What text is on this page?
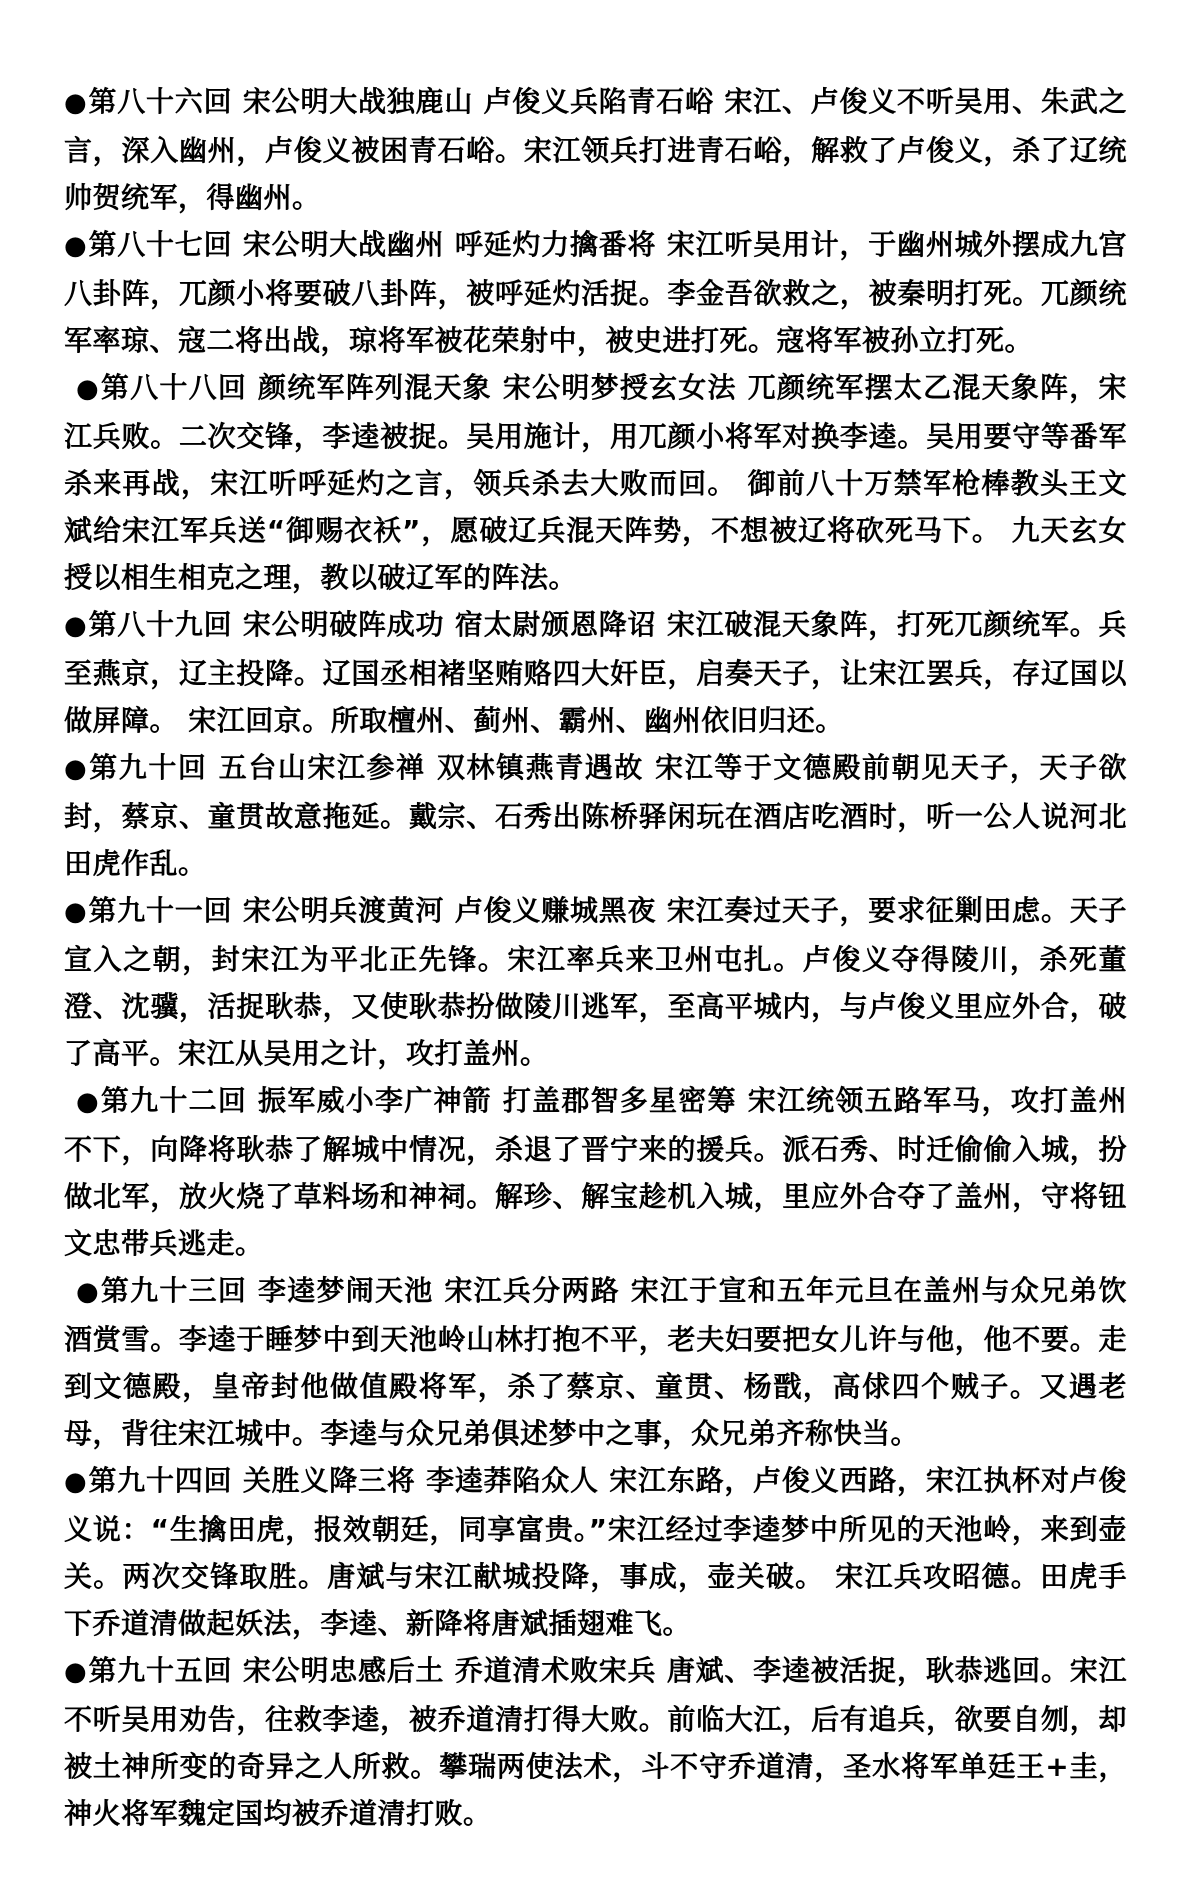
●第八十六回 宋公明大战独鹿山 卢俊义兵陷青石峪 宋江、卢俊义不听吴用、朱武之言，深入幽州，卢俊义被困青石峪。宋江领兵打进青石峪，解救了卢俊义，杀了辽统帅贺统军，得幽州。

●第八十七回 宋公明大战幽州 呼延灼力擒番将 宋江听吴用计，于幽州城外摆成九宫八卦阵，兀颜小将要破八卦阵，被呼延灼活捉。李金吾欲救之，被秦明打死。兀颜统军率琼、寇二将出战，琼将军被花荣射中，被史进打死。寇将军被孙立打死。

●第八十八回 颜统军阵列混天象 宋公明梦授玄女法 兀颜统军摆太乙混天象阵，宋江兵败。二次交锋，李逵被捉。吴用施计，用兀颜小将军对换李逵。吴用要守等番军杀来再战，宋江听呼延灼之言，领兵杀去大败而回。 御前八十万禁军枪棒教头王文斌给宋江军兵送“御赐衣袄”，愿破辽兵混天阵势，不想被辽将砍死马下。 九天玄女授以相生相克之理，教以破辽军的阵法。

●第八十九回 宋公明破阵成功 宿太尉颁恩降诏 宋江破混天象阵，打死兀颜统军。兵至燕京，辽主投降。辽国丞相褚坚贿赂四大奸臣，启奏天子，让宋江罢兵，存辽国以做屏障。 宋江回京。所取檀州、蓟州、霸州、幽州依旧归还。

●第九十回 五台山宋江参禅 双林镇燕青遇故 宋江等于文德殿前朝见天子，天子欲封，蔡京、童贯故意拖延。戴宗、石秀出陈桥驿闲玩在酒店吃酒时，听一公人说河北田虎作乱。

●第九十一回 宋公明兵渡黄河 卢俊义赚城黑夜 宋江奏过天子，要求征剿田虑。天子宣入之朝，封宋江为平北正先锋。宋江率兵来卫州屯扎。卢俊义夺得陵川，杀死董澄、沈骥，活捉耿恭，又使耿恭扮做陵川逃军，至高平城内，与卢俊义里应外合，破了高平。宋江从吴用之计，攻打盖州。

●第九十二回 振军威小李广神箭 打盖郡智多星密筹 宋江统领五路军马，攻打盖州不下，向降将耿恭了解城中情况，杀退了晋宁来的援兵。派石秀、时迁偷偷入城，扮做北军，放火烧了草料场和神祠。解珍、解宝趁机入城，里应外合夺了盖州，守将钮文忠带兵逃走。

●第九十三回 李逵梦闹天池 宋江兵分两路 宋江于宣和五年元旦在盖州与众兄弟饮酒赏雪。李逵于睡梦中到天池岭山林打抱不平，老夫妇要把女儿许与他，他不要。走到文德殿，皇帝封他做值殿将军，杀了蔡京、童贯、杨戬，高俅四个贼子。又遇老母，背往宋江城中。李逵与众兄弟俱述梦中之事，众兄弟齐称快当。

●第九十四回 关胜义降三将 李逵莽陷众人 宋江东路，卢俊义西路，宋江执杯对卢俊义说：“生擒田虎，报效朝廷，同享富贵。”宋江经过李逵梦中所见的天池岭，来到壶关。两次交锋取胜。唐斌与宋江献城投降，事成，壶关破。 宋江兵攻昭德。田虎手下乔道清做起妖法，李逵、新降将唐斌插翅难飞。

●第九十五回 宋公明忠感后土 乔道清术败宋兵 唐斌、李逵被活捉，耿恭逃回。宋江不听吴用劝告，往救李逵，被乔道清打得大败。前临大江，后有追兵，欲要自刎，却被土神所变的奇异之人所救。攀瑞两使法术，斗不守乔道清，圣水将军单廷王+圭，神火将军魏定国均被乔道清打败。
